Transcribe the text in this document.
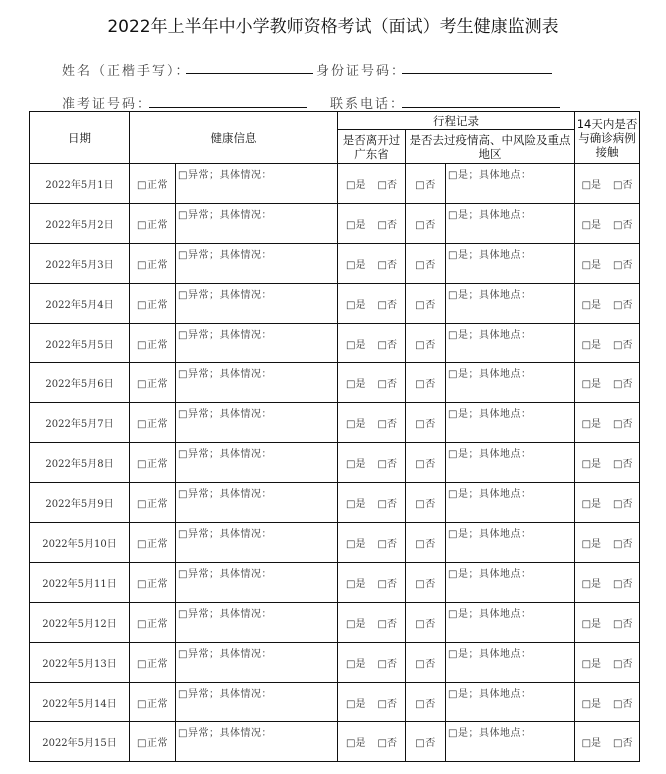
2022年上半年中小学教师资格考试（面试）考生健康监测表
姓名（正楷手写）：	身份证号码：
准考证号码：	联系电话：
日期	健康信息		行程记录			14天内是否与确诊病例接触
			是否离开过广东省	是否去过疫情高、中风险及重点地区		
2022年5月1日	□正常	□异常；具体情况：	□是 □否	□否	□是；具体地点：	□是 □否
2022年5月2日	□正常	□异常；具体情况：	□是 □否	□否	□是；具体地点：	□是 □否
2022年5月3日	□正常	□异常；具体情况：	□是 □否	□否	□是；具体地点：	□是 □否
2022年5月4日	□正常	□异常；具体情况：	□是 □否	□否	□是；具体地点：	□是 □否
2022年5月5日	□正常	□异常；具体情况：	□是 □否	□否	□是；具体地点：	□是 □否
2022年5月6日	□正常	□异常；具体情况：	□是 □否	□否	□是；具体地点：	□是 □否
2022年5月7日	□正常	□异常；具体情况：	□是 □否	□否	□是；具体地点：	□是 □否
2022年5月8日	□正常	□异常；具体情况：	□是 □否	□否	□是；具体地点：	□是 □否
2022年5月9日	□正常	□异常；具体情况：	□是 □否	□否	□是；具体地点：	□是 □否
2022年5月10日	□正常	□异常；具体情况：	□是 □否	□否	□是；具体地点：	□是 □否
2022年5月11日	□正常	□异常；具体情况：	□是 □否	□否	□是；具体地点：	□是 □否
2022年5月12日	□正常	□异常；具体情况：	□是 □否	□否	□是；具体地点：	□是 □否
2022年5月13日	□正常	□异常；具体情况：	□是 □否	□否	□是；具体地点：	□是 □否
2022年5月14日	□正常	□异常；具体情况：	□是 □否	□否	□是；具体地点：	□是 □否
2022年5月15日	□正常	□异常；具体情况：	□是 □否	□否	□是；具体地点：	□是 □否
